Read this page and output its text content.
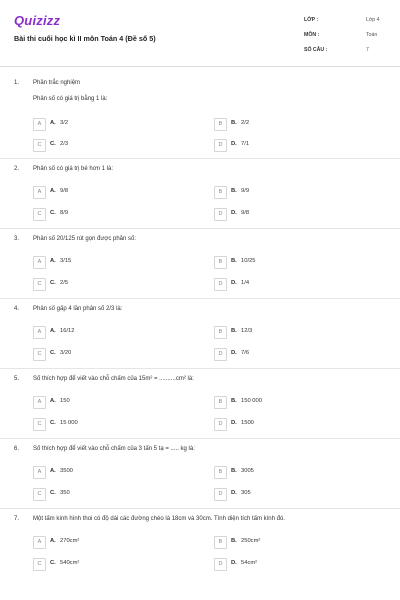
Quizizz
Bài thi cuối học kì II môn Toán 4 (Đề số 5)
LỚP :	Lớp 4
MÔN :	Toán
SỐ CÂU :	7
1. Phần trắc nghiệm
Phân số có giá trị bằng 1 là:
A	A. 3/2	B	B. 2/2
C	C. 2/3	D	D. 7/1
2. Phân số có giá trị bé hơn 1 là:
A	A. 9/8	B	B. 9/9
C	C. 8/9	D	D. 9/8
3. Phân số 20/125 rút gọn được phân số:
A	A. 3/15	B	B. 10/25
C	C. 2/5	D	D. 1/4
4. Phân số gấp 4 lần phân số 2/3 là:
A	A. 16/12	B	B. 12/3
C	C. 3/20	D	D. 7/6
5. Số thích hợp để viết vào chỗ chấm của 15m² = ..........cm² là:
A	A. 150	B	B. 150 000
C	C. 15 000	D	D. 1500
6. Số thích hợp để viết vào chỗ chấm của 3 tấn 5 tạ = ..... kg là:
A	A. 3500	B	B. 3005
C	C. 350	D	D. 305
7. Một tấm kính hình thoi có độ dài các đường chéo là 18cm và 30cm. Tính diện tích tấm kính đó.
A	A. 270cm²	B	B. 250cm²
C	C. 540cm²	D	D. 54cm²
